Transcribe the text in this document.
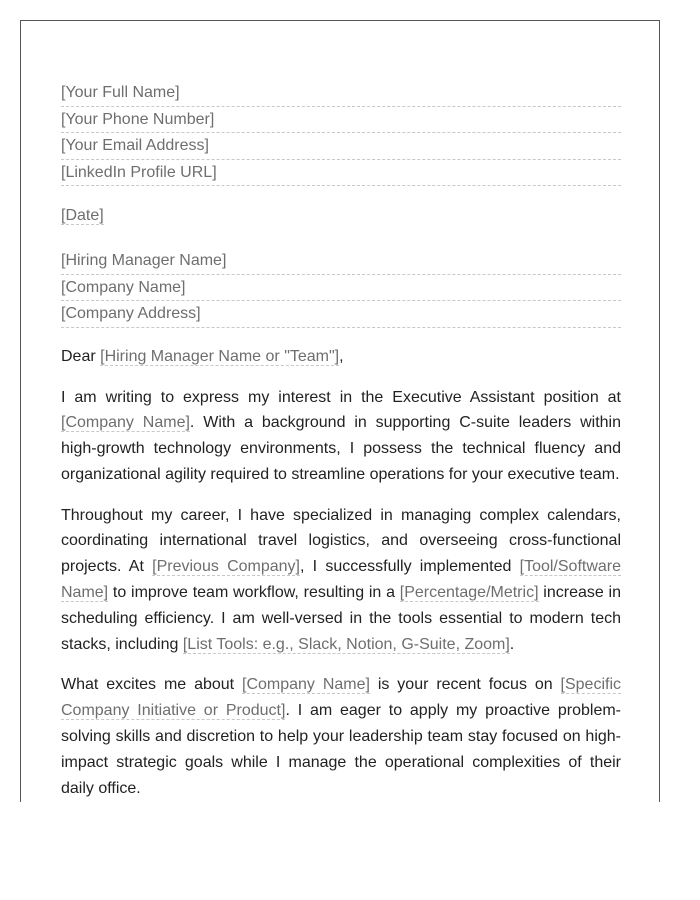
[Your Full Name]
[Your Phone Number]
[Your Email Address]
[LinkedIn Profile URL]
[Date]
[Hiring Manager Name]
[Company Name]
[Company Address]
Dear [Hiring Manager Name or "Team"],
I am writing to express my interest in the Executive Assistant position at [Company Name]. With a background in supporting C-suite leaders within high-growth technology environments, I possess the technical fluency and organizational agility required to streamline operations for your executive team.
Throughout my career, I have specialized in managing complex calendars, coordinating international travel logistics, and overseeing cross-functional projects. At [Previous Company], I successfully implemented [Tool/Software Name] to improve team workflow, resulting in a [Percentage/Metric] increase in scheduling efficiency. I am well-versed in the tools essential to modern tech stacks, including [List Tools: e.g., Slack, Notion, G-Suite, Zoom].
What excites me about [Company Name] is your recent focus on [Specific Company Initiative or Product]. I am eager to apply my proactive problem-solving skills and discretion to help your leadership team stay focused on high-impact strategic goals while I manage the operational complexities of their daily office.
